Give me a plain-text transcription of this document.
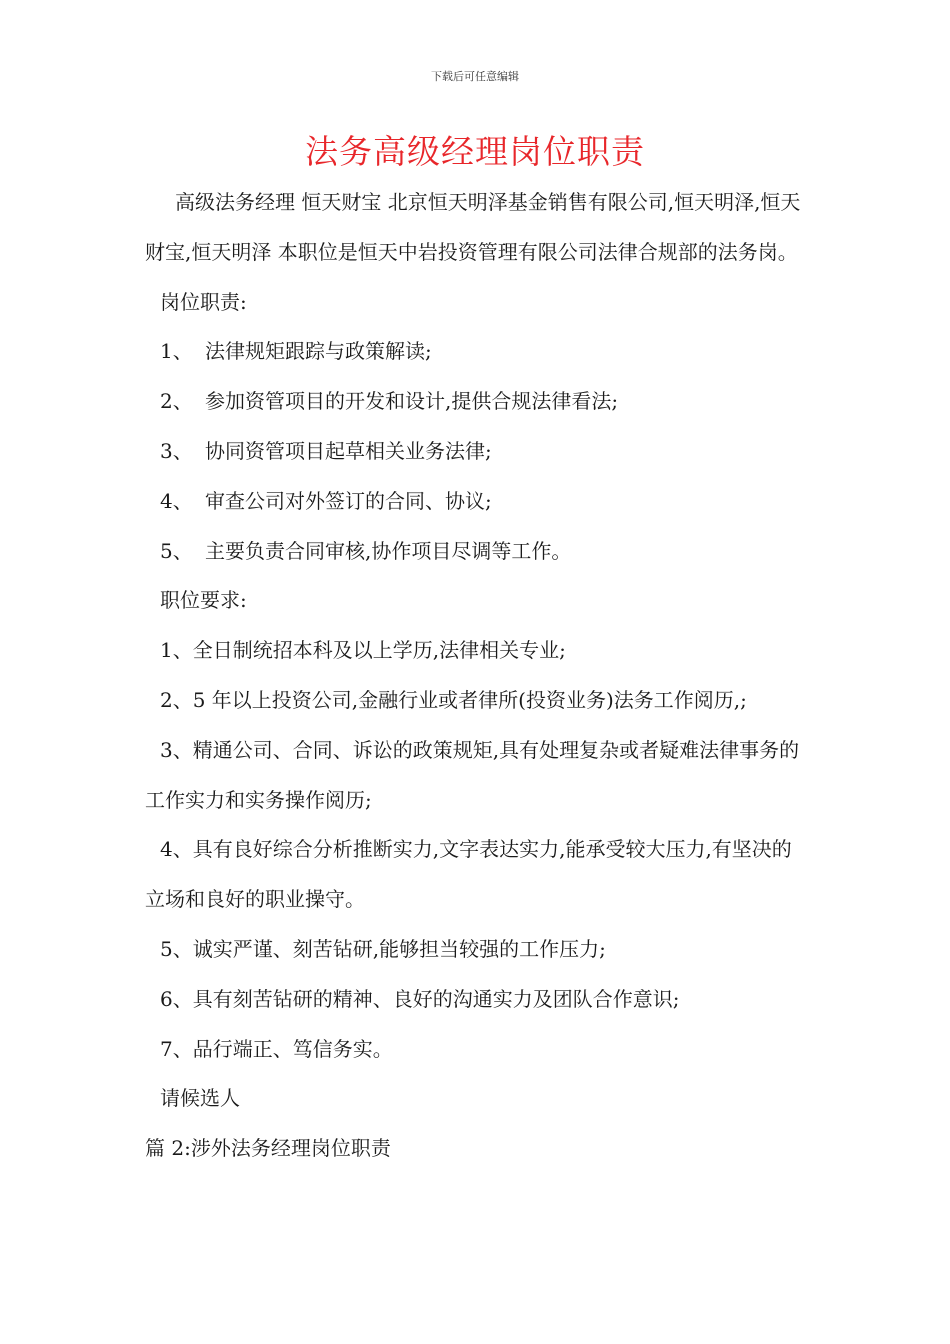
下载后可任意编辑
法务高级经理岗位职责

高级法务经理 恒天财宝 北京恒天明泽基金销售有限公司,恒天明泽,恒天财宝,恒天明泽 本职位是恒天中岩投资管理有限公司法律合规部的法务岗。

岗位职责:

1、 法律规矩跟踪与政策解读;

2、 参加资管项目的开发和设计,提供合规法律看法;

3、 协同资管项目起草相关业务法律;

4、 审查公司对外签订的合同、协议;

5、 主要负责合同审核,协作项目尽调等工作。

职位要求:

1、全日制统招本科及以上学历,法律相关专业;

2、5 年以上投资公司,金融行业或者律所(投资业务)法务工作阅历,;

3、精通公司、合同、诉讼的政策规矩,具有处理复杂或者疑难法律事务的工作实力和实务操作阅历;

4、具有良好综合分析推断实力,文字表达实力,能承受较大压力,有坚决的立场和良好的职业操守。

5、诚实严谨、刻苦钻研,能够担当较强的工作压力;

6、具有刻苦钻研的精神、良好的沟通实力及团队合作意识;

7、品行端正、笃信务实。

请候选人

篇 2:涉外法务经理岗位职责
